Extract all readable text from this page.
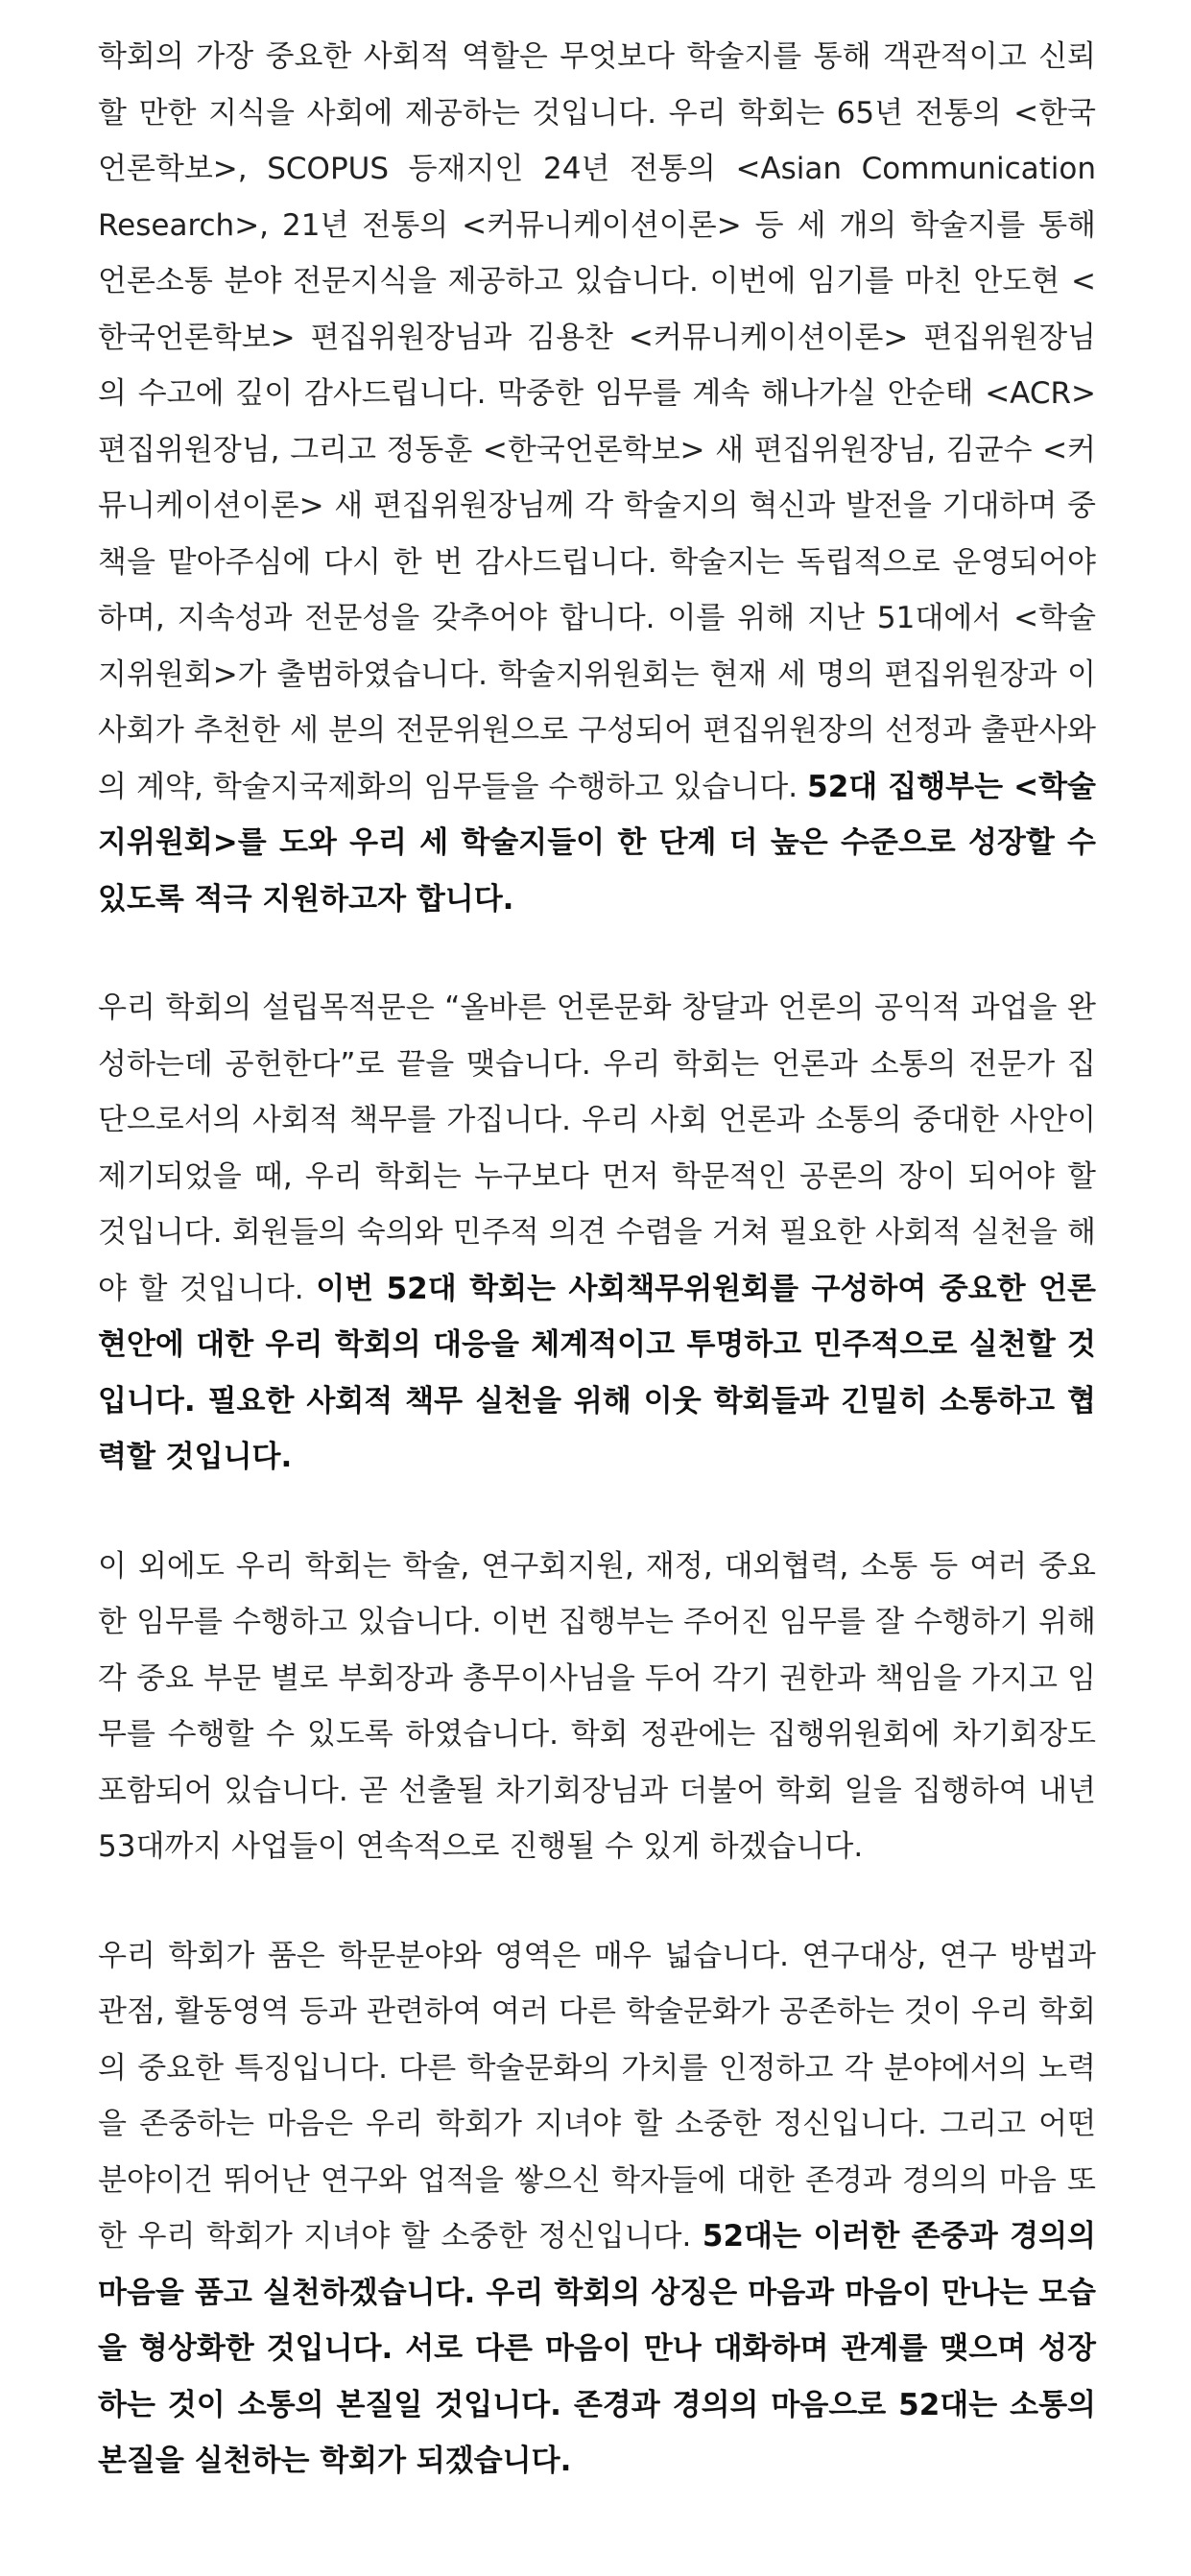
학회의 가장 중요한 사회적 역할은 무엇보다 학술지를 통해 객관적이고 신뢰할 만한 지식을 사회에 제공하는 것입니다. 우리 학회는 65년 전통의 <한국언론학보>, SCOPUS 등재지인 24년 전통의 <Asian Communication Research>, 21년 전통의 <커뮤니케이션이론> 등 세 개의 학술지를 통해 언론소통 분야 전문지식을 제공하고 있습니다. 이번에 임기를 마친 안도현 <한국언론학보> 편집위원장님과 김용찬 <커뮤니케이션이론> 편집위원장님의 수고에 깊이 감사드립니다. 막중한 임무를 계속 해나가실 안순태 <ACR> 편집위원장님, 그리고 정동훈 <한국언론학보> 새 편집위원장님, 김균수 <커뮤니케이션이론> 새 편집위원장님께 각 학술지의 혁신과 발전을 기대하며 중책을 맡아주심에 다시 한 번 감사드립니다. 학술지는 독립적으로 운영되어야 하며, 지속성과 전문성을 갖추어야 합니다. 이를 위해 지난 51대에서 <학술지위원회>가 출범하였습니다. 학술지위원회는 현재 세 명의 편집위원장과 이사회가 추천한 세 분의 전문위원으로 구성되어 편집위원장의 선정과 출판사와의 계약, 학술지국제화의 임무들을 수행하고 있습니다. 52대 집행부는 <학술지위원회>를 도와 우리 세 학술지들이 한 단계 더 높은 수준으로 성장할 수 있도록 적극 지원하고자 합니다.

우리 학회의 설립목적문은 “올바른 언론문화 창달과 언론의 공익적 과업을 완성하는데 공헌한다”로 끝을 맺습니다. 우리 학회는 언론과 소통의 전문가 집단으로서의 사회적 책무를 가집니다. 우리 사회 언론과 소통의 중대한 사안이 제기되었을 때, 우리 학회는 누구보다 먼저 학문적인 공론의 장이 되어야 할 것입니다. 회원들의 숙의와 민주적 의견 수렴을 거쳐 필요한 사회적 실천을 해야 할 것입니다. 이번 52대 학회는 사회책무위원회를 구성하여 중요한 언론현안에 대한 우리 학회의 대응을 체계적이고 투명하고 민주적으로 실천할 것입니다. 필요한 사회적 책무 실천을 위해 이웃 학회들과 긴밀히 소통하고 협력할 것입니다.

이 외에도 우리 학회는 학술, 연구회지원, 재정, 대외협력, 소통 등 여러 중요한 임무를 수행하고 있습니다. 이번 집행부는 주어진 임무를 잘 수행하기 위해 각 중요 부문 별로 부회장과 총무이사님을 두어 각기 권한과 책임을 가지고 임무를 수행할 수 있도록 하였습니다. 학회 정관에는 집행위원회에 차기회장도 포함되어 있습니다. 곧 선출될 차기회장님과 더불어 학회 일을 집행하여 내년 53대까지 사업들이 연속적으로 진행될 수 있게 하겠습니다.

우리 학회가 품은 학문분야와 영역은 매우 넓습니다. 연구대상, 연구 방법과 관점, 활동영역 등과 관련하여 여러 다른 학술문화가 공존하는 것이 우리 학회의 중요한 특징입니다. 다른 학술문화의 가치를 인정하고 각 분야에서의 노력을 존중하는 마음은 우리 학회가 지녀야 할 소중한 정신입니다. 그리고 어떤 분야이건 뛰어난 연구와 업적을 쌓으신 학자들에 대한 존경과 경의의 마음 또한 우리 학회가 지녀야 할 소중한 정신입니다. 52대는 이러한 존중과 경의의 마음을 품고 실천하겠습니다. 우리 학회의 상징은 마음과 마음이 만나는 모습을 형상화한 것입니다. 서로 다른 마음이 만나 대화하며 관계를 맺으며 성장하는 것이 소통의 본질일 것입니다. 존경과 경의의 마음으로 52대는 소통의 본질을 실천하는 학회가 되겠습니다.
